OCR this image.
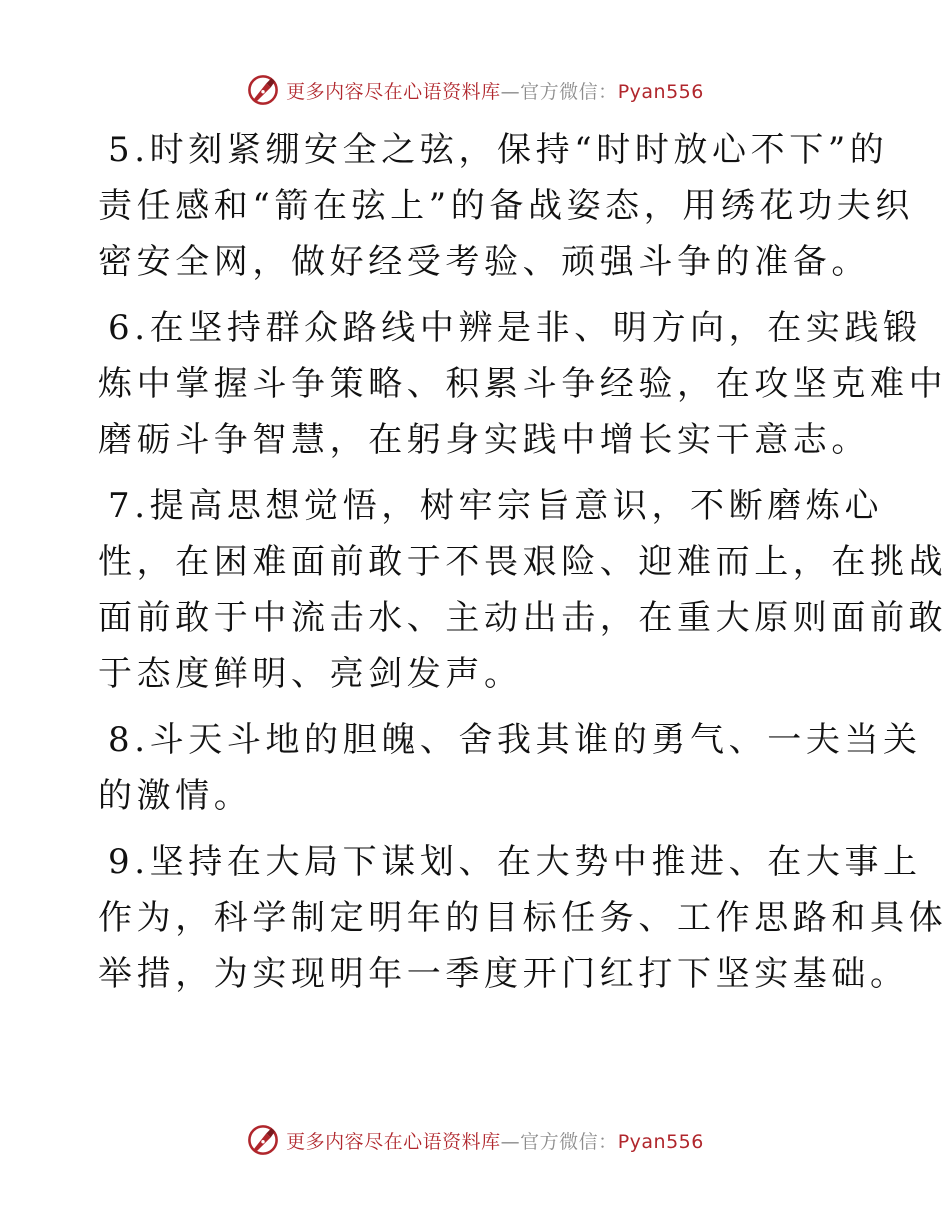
更多内容尽在心语资料库—官方微信：Pyan556
5.时刻紧绷安全之弦，保持“时时放心不下”的
责任感和“箭在弦上”的备战姿态，用绣花功夫织
密安全网，做好经受考验、顽强斗争的准备。
6.在坚持群众路线中辨是非、明方向，在实践锻
炼中掌握斗争策略、积累斗争经验，在攻坚克难中
磨砺斗争智慧，在躬身实践中增长实干意志。
7.提高思想觉悟，树牢宗旨意识，不断磨炼心
性，在困难面前敢于不畏艰险、迎难而上，在挑战
面前敢于中流击水、主动出击，在重大原则面前敢
于态度鲜明、亮剑发声。
8.斗天斗地的胆魄、舍我其谁的勇气、一夫当关
的激情。
9.坚持在大局下谋划、在大势中推进、在大事上
作为，科学制定明年的目标任务、工作思路和具体
举措，为实现明年一季度开门红打下坚实基础。
更多内容尽在心语资料库—官方微信：Pyan556
